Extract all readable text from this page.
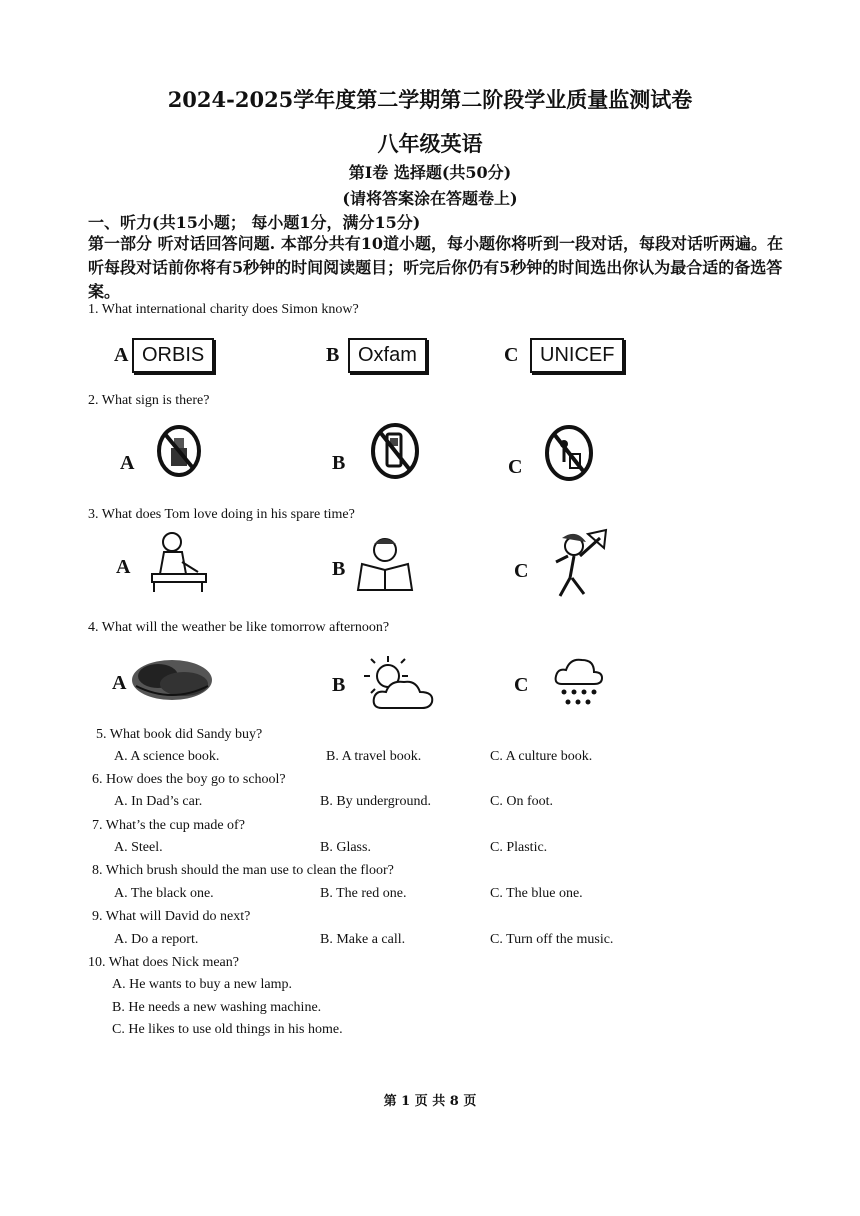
2024-2025学年度第二学期第二阶段学业质量监测试卷
八年级英语
第I卷 选择题(共50分)
(请将答案涂在答题卷上)
一、听力(共15小题； 每小题1分，满分15分)
第一部分 听对话回答问题. 本部分共有10道小题，每小题你将听到一段对话，每段对话听两遍。在听每段对话前你将有5秒钟的时间阅读题目；听完后你仍有5秒钟的时间选出你认为最合适的备选答案。
1. What international charity does Simon know?
A ORBIS	B Oxfam	C	UNICEF
2. What sign is there?
A	B	C
3. What does Tom love doing in his spare time?
A	B	C
4. What will the weather be like tomorrow afternoon?
A	B	C
5. What book did Sandy buy?
A. A science book.	B. A travel book.	C. A culture book.
6. How does the boy go to school?
A. In Dad’s car.	B. By underground.	C. On foot.
7. What’s the cup made of?
A. Steel.	B. Glass.	C. Plastic.
8. Which brush should the man use to clean the floor?
A. The black one.	B. The red one.	C. The blue one.
9. What will David do next?
A. Do a report.	B. Make a call.	C. Turn off the music.
10. What does Nick mean?
A. He wants to buy a new lamp.
B. He needs a new washing machine.
C. He likes to use old things in his home.
第 1 页 共 8 页
